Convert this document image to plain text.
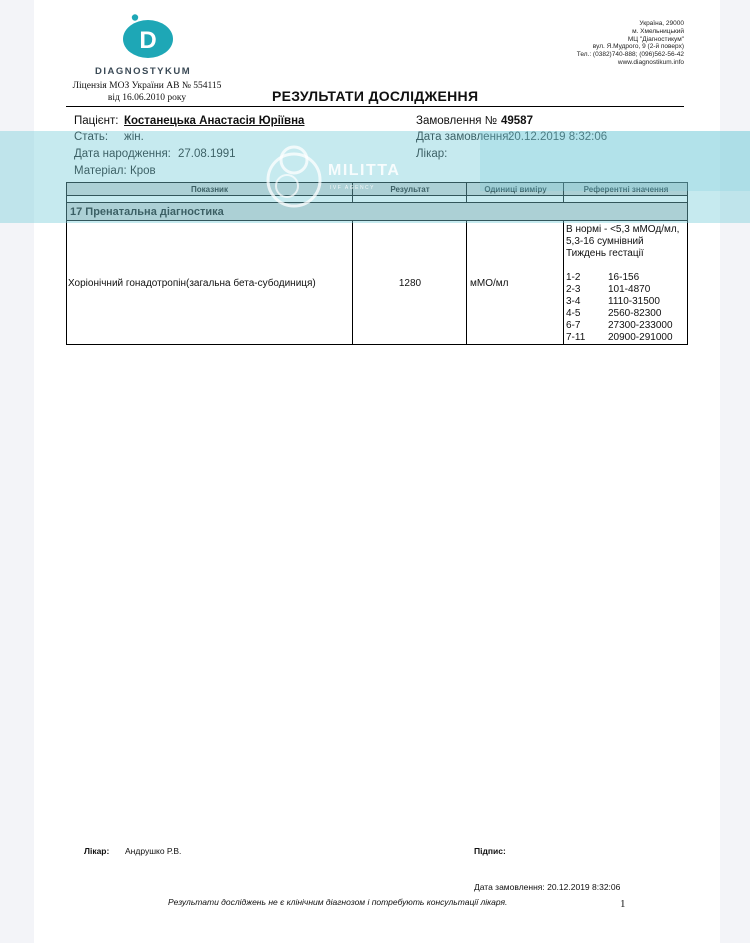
D
DIAGNOSTYKUM
Ліцензія МОЗ України АВ № 554115
від 16.06.2010 року
Україна, 29000
м. Хмельницький
МЦ "Діагностикум"
вул. Я.Мудрого, 9 (2-й поверх)
Тел.: (0382)740-888; (096)562-56-42
www.diagnostikum.info
РЕЗУЛЬТАТИ ДОСЛІДЖЕННЯ
Пацієнт: Костанецька Анастасія Юріївна
Стать: жін.
Дата народження: 27.08.1991
Матеріал: Кров
Замовлення № 49587
Дата замовлення:
20.12.2019 8:32:06
Лікар:
Показник	Результат	Одиниці виміру	Референтні значення
17 Пренатальна діагностика
Хоріонічний гонадотропін(загальна бета-субодиниця)	1280	мМО/мл
В нормі - <5,3 мМОд/мл,
5,3-16 сумнівний
Тиждень гестації
1-2	16-156
2-3	101-4870
3-4	1110-31500
4-5	2560-82300
6-7	27300-233000
7-11	20900-291000
MILITTA
IVF AGENCY
Лікар: Андрушко Р.В.	Підпис:
Дата замовлення: 20.12.2019 8:32:06
Результати досліджень не є клінічним діагнозом і потребують консультації лікаря.	1
